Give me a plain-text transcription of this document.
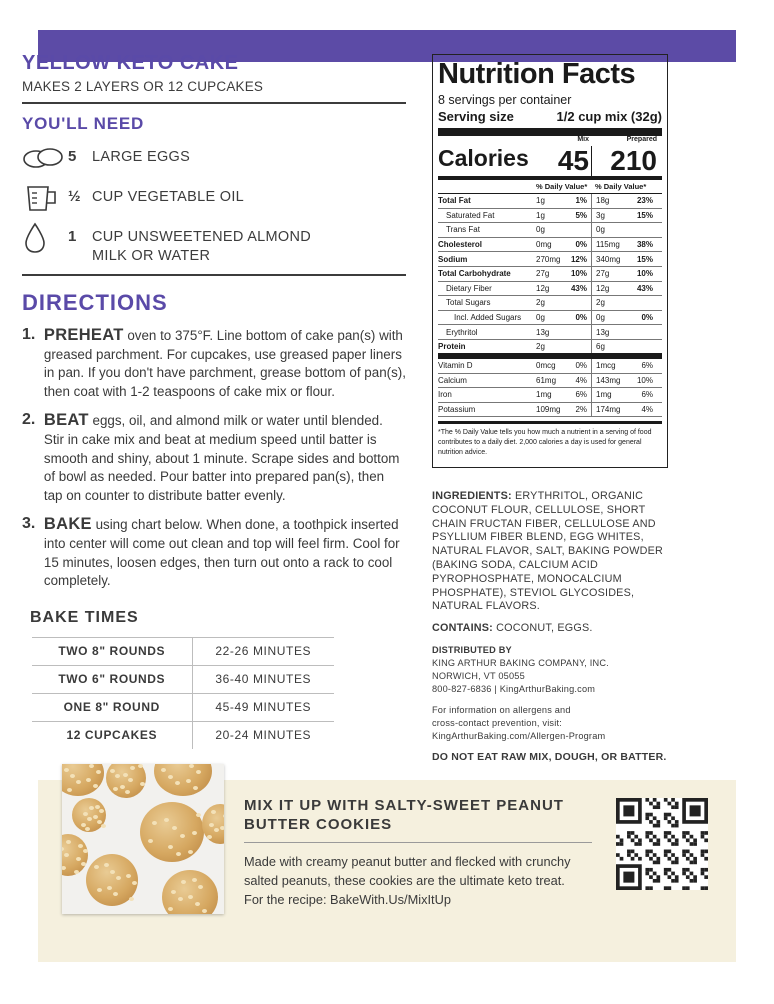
YELLOW KETO CAKE
MAKES 2 LAYERS OR 12 CUPCAKES
YOU'LL NEED
5	LARGE EGGS
½ CUP VEGETABLE OIL
1	CUP UNSWEETENED ALMOND MILK OR WATER
DIRECTIONS
1. PREHEAT oven to 375°F. Line bottom of cake pan(s) with greased parchment. For cupcakes, use greased paper liners in pan. If you don't have parchment, grease bottom of pan(s), then coat with 1-2 teaspoons of cake mix or flour.
2. BEAT eggs, oil, and almond milk or water until blended. Stir in cake mix and beat at medium speed until batter is smooth and shiny, about 1 minute. Scrape sides and bottom of bowl as needed. Pour batter into prepared pan(s), then tap on counter to distribute batter evenly.
3. BAKE using chart below. When done, a toothpick inserted into center will come out clean and top will feel firm. Cool for 15 minutes, loosen edges, then turn out onto a rack to cool completely.
BAKE TIMES
TWO 8" ROUNDS	22-26 MINUTES
TWO 6" ROUNDS	36-40 MINUTES
ONE 8" ROUND	45-49 MINUTES
12 CUPCAKES	20-24 MINUTES
Nutrition Facts
8 servings per container
Serving size	1/2 cup mix (32g)
Calories
Mix
45
Prepared
210
% Daily Value*	% Daily Value*
Total Fat	1g	1%	18g	23%
Saturated Fat	1g	5%	3g	15%
Trans Fat	0g	0g
Cholesterol	0mg	0%	115mg	38%
Sodium	270mg	12%	340mg	15%
Total Carbohydrate	27g	10%	27g	10%
Dietary Fiber	12g	43%	12g	43%
Total Sugars	2g	2g
Incl. Added Sugars	0g	0%	0g	0%
Erythritol	13g	13g
Protein	2g	6g
Vitamin D	0mcg	0%	1mcg	6%
Calcium	61mg	4%	143mg	10%
Iron	1mg	6%	1mg	6%
Potassium	109mg	2%	174mg	4%
*The % Daily Value tells you how much a nutrient in a serving of food contributes to a daily diet. 2,000 calories a day is used for general nutrition advice.
INGREDIENTS: ERYTHRITOL, ORGANIC COCONUT FLOUR, CELLULOSE, SHORT CHAIN FRUCTAN FIBER, CELLULOSE AND PSYLLIUM FIBER BLEND, EGG WHITES, NATURAL FLAVOR, SALT, BAKING POWDER (BAKING SODA, CALCIUM ACID PYROPHOSPHATE, MONOCALCIUM PHOSPHATE), STEVIOL GLYCOSIDES, NATURAL FLAVORS.
CONTAINS: COCONUT, EGGS.
DISTRIBUTED BY
KING ARTHUR BAKING COMPANY, INC.
NORWICH, VT 05055
800-827-6836 | KingArthurBaking.com
For information on allergens and
cross-contact prevention, visit:
KingArthurBaking.com/Allergen-Program
DO NOT EAT RAW MIX, DOUGH, OR BATTER.
MIX IT UP WITH SALTY-SWEET PEANUT BUTTER COOKIES
Made with creamy peanut butter and flecked with crunchy salted peanuts, these cookies are the ultimate keto treat. For the recipe: BakeWith.Us/MixItUp
